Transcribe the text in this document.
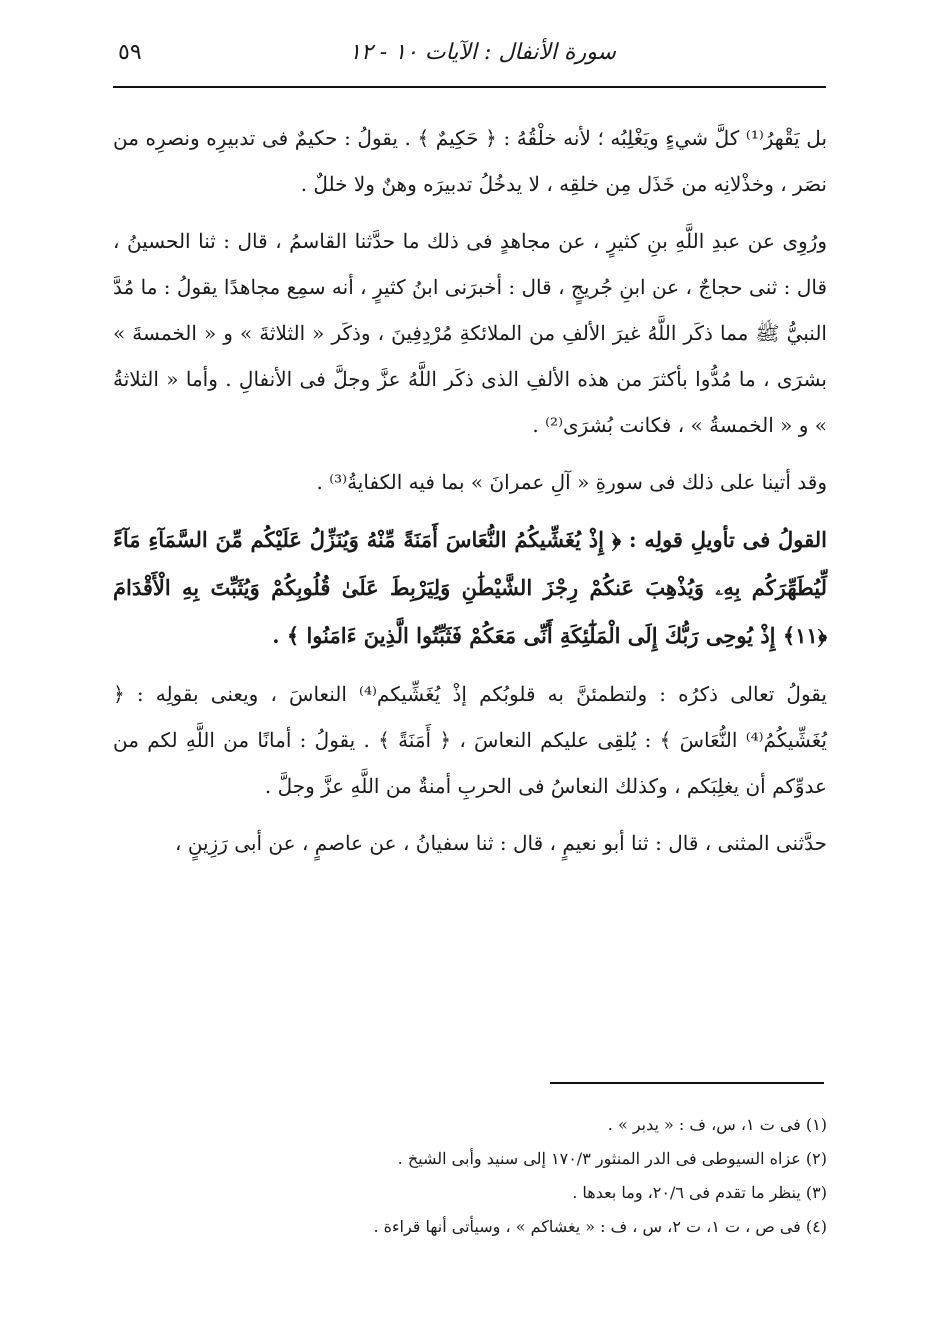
سورة الأنفال : الآيات ١٠ - ١٢
٥٩

بل يَقْهرُ⁽¹⁾ كلَّ شيءٍ ويَغْلِبُه ؛ لأنه خلْقُهُ : ﴿ حَكِيمٌ ﴾ . يقولُ : حكيمٌ فى تدبيرِه ونصرِه من نصَر ، وخذْلانِه من خَذَل مِن خلقِه ، لا يدخُلُ تدبيرَه وهنٌ ولا خللٌ .

ورُوِى عن عبدِ اللَّهِ بنِ كثيرٍ ، عن مجاهدٍ فى ذلك ما حدَّثنا القاسمُ ، قال : ثنا الحسينُ ، قال : ثنى حجاجٌ ، عن ابنِ جُريجٍ ، قال : أخبرَنى ابنُ كثيرٍ ، أنه سمِع مجاهدًا يقولُ : ما مُدَّ النبيُّ ﷺ مما ذكَر اللَّهُ غيرَ الألفِ من الملائكةِ مُرْدِفِينَ ، وذكَر « الثلاثةَ » و « الخمسةَ » بشرَى ، ما مُدُّوا بأكثرَ من هذه الألفِ الذى ذكَر اللَّهُ عزَّ وجلَّ فى الأنفالِ . وأما « الثلاثةُ » و « الخمسةُ » ، فكانت بُشرَى⁽²⁾ .

وقد أتينا على ذلك فى سورةِ « آلِ عمرانَ » بما فيه الكفايةُ⁽³⁾ .

القولُ فى تأويلِ قولِه : ﴿ إِذْ يُغَشِّيكُمُ النُّعَاسَ أَمَنَةً مِّنْهُ وَيُنَزِّلُ عَلَيْكُم مِّنَ السَّمَآءِ مَآءً لِّيُطَهِّرَكُم بِهِۦ وَيُذْهِبَ عَنكُمْ رِجْزَ الشَّيْطَٰنِ وَلِيَرْبِطَ عَلَىٰ قُلُوبِكُمْ وَيُثَبِّتَ بِهِ الْأَقْدَامَ ﴿١١﴾ إِذْ يُوحِى رَبُّكَ إِلَى الْمَلَٰٓئِكَةِ أَنِّى مَعَكُمْ فَثَبِّتُوا الَّذِينَ ءَامَنُوا ﴾ .

يقولُ تعالى ذكرُه : ولتطمئنَّ به قلوبُكم إذْ يُغَشِّيكم⁽⁴⁾ النعاسَ ، ويعنى بقولِه : ﴿ يُغَشِّيكُمُ⁽⁴⁾ النُّعَاسَ ﴾ : يُلقِى عليكم النعاسَ ، ﴿ أَمَنَةً ﴾ . يقولُ : أمانًا من اللَّهِ لكم من عدوِّكم أن يغلِبَكم ، وكذلك النعاسُ فى الحربِ أمنةٌ من اللَّهِ عزَّ وجلَّ .

حدَّثنى المثنى ، قال : ثنا أبو نعيمٍ ، قال : ثنا سفيانُ ، عن عاصمٍ ، عن أبى رَزِينٍ ،

(١) فى ت ١، س، ف : « يدبر » .
(٢) عزاه السيوطى فى الدر المنثور ١٧٠/٣ إلى سنيد وأبى الشيخ .
(٣) ينظر ما تقدم فى ٢٠/٦، وما بعدها .
(٤) فى ص ، ت ١، ت ٢، س ، ف : « يغشاكم » ، وسيأتى أنها قراءة .
